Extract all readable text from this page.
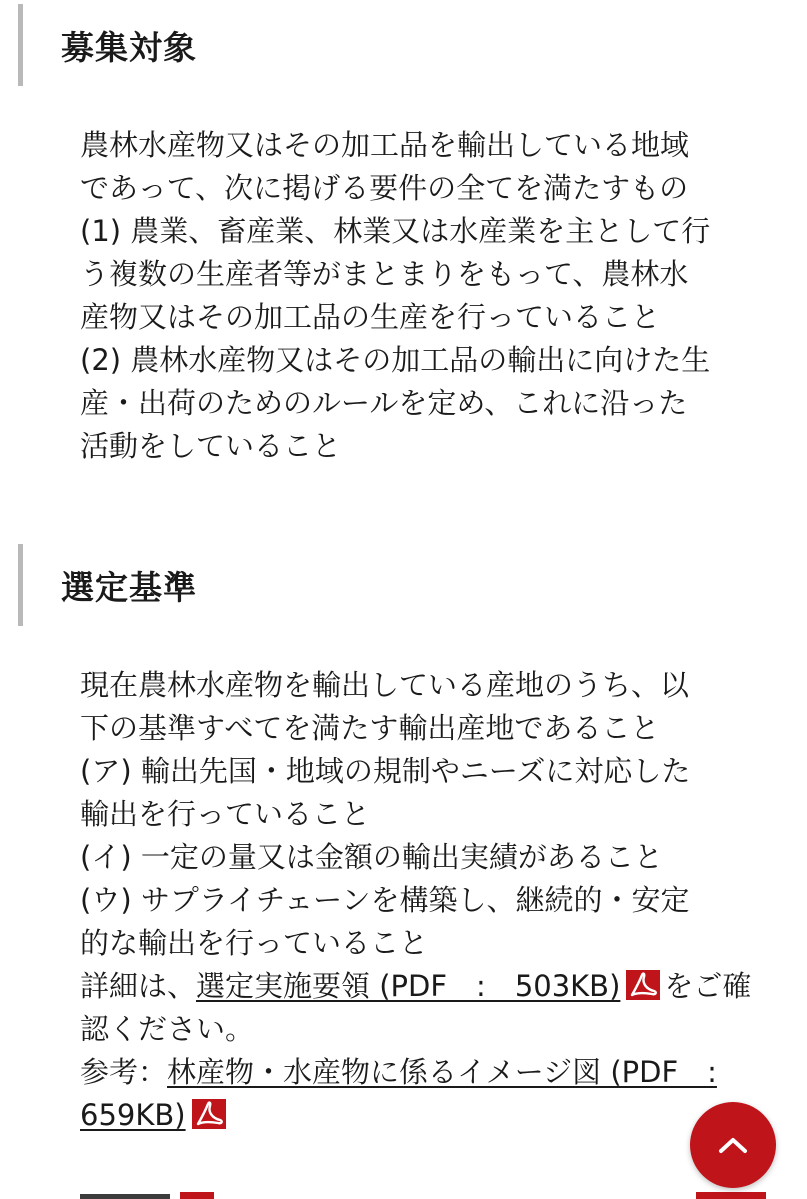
募集対象
農林水産物又はその加工品を輸出している地域
であって、次に掲げる要件の全てを満たすもの
(1) 農業、畜産業、林業又は水産業を主として行
う複数の生産者等がまとまりをもって、農林水
産物又はその加工品の生産を行っていること
(2) 農林水産物又はその加工品の輸出に向けた生
産・出荷のためのルールを定め、これに沿った
活動をしていること
選定基準
現在農林水産物を輸出している産地のうち、以
下の基準すべてを満たす輸出産地であること
(ア) 輸出先国・地域の規制やニーズに対応した
輸出を行っていること
(イ) 一定の量又は金額の輸出実績があること
(ウ) サプライチェーンを構築し、継続的・安定
的な輸出を行っていること
詳細は、選定実施要領 (PDF　:　503KB) をご確
認ください。
参考：林産物・水産物に係るイメージ図 (PDF　:
659KB)
